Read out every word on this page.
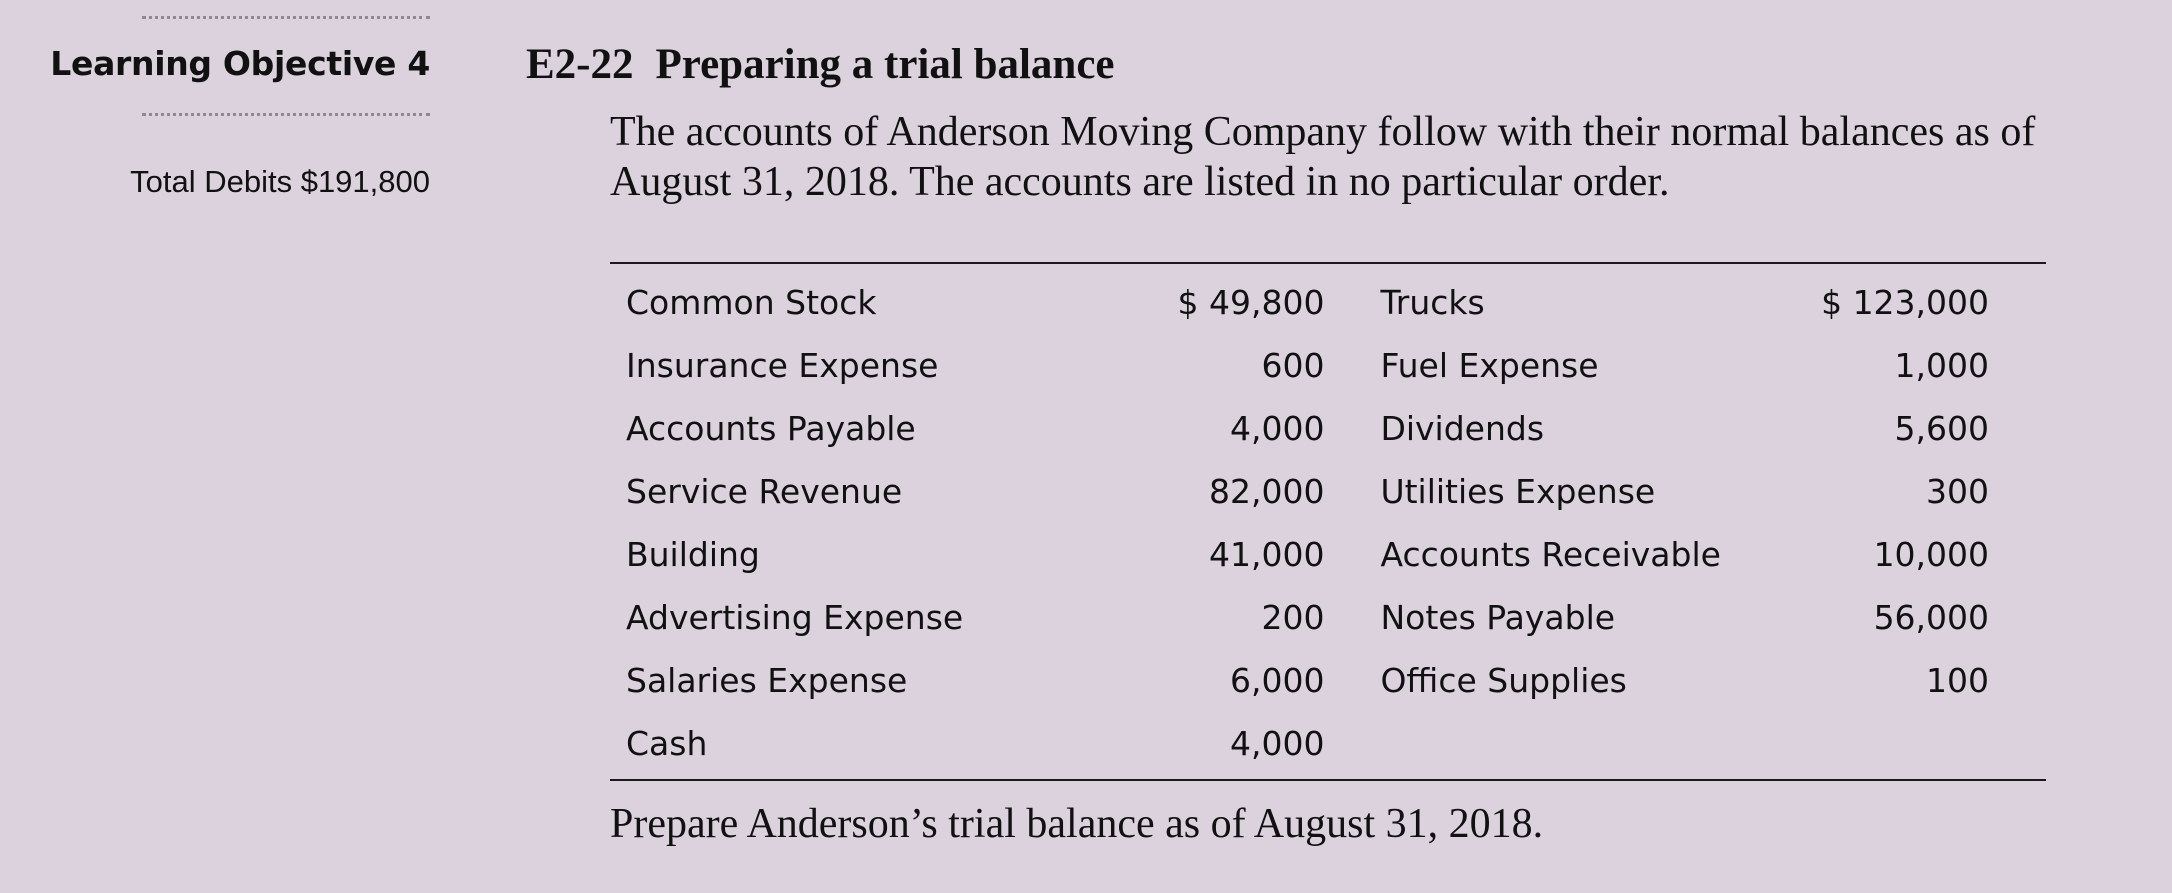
Learning Objective 4
Total Debits $191,800
E2-22 Preparing a trial balance
The accounts of Anderson Moving Company follow with their normal balances as of
August 31, 2018. The accounts are listed in no particular order.
Common Stock	$ 49,800	Trucks	$ 123,000	
Insurance Expense	600	Fuel Expense	1,000	
Accounts Payable	4,000	Dividends	5,600	
Service Revenue	82,000	Utilities Expense	300	
Building	41,000	Accounts Receivable	10,000	
Advertising Expense	200	Notes Payable	56,000	
Salaries Expense	6,000	Office Supplies	100	
Cash	4,000			
Prepare Anderson’s trial balance as of August 31, 2018.
